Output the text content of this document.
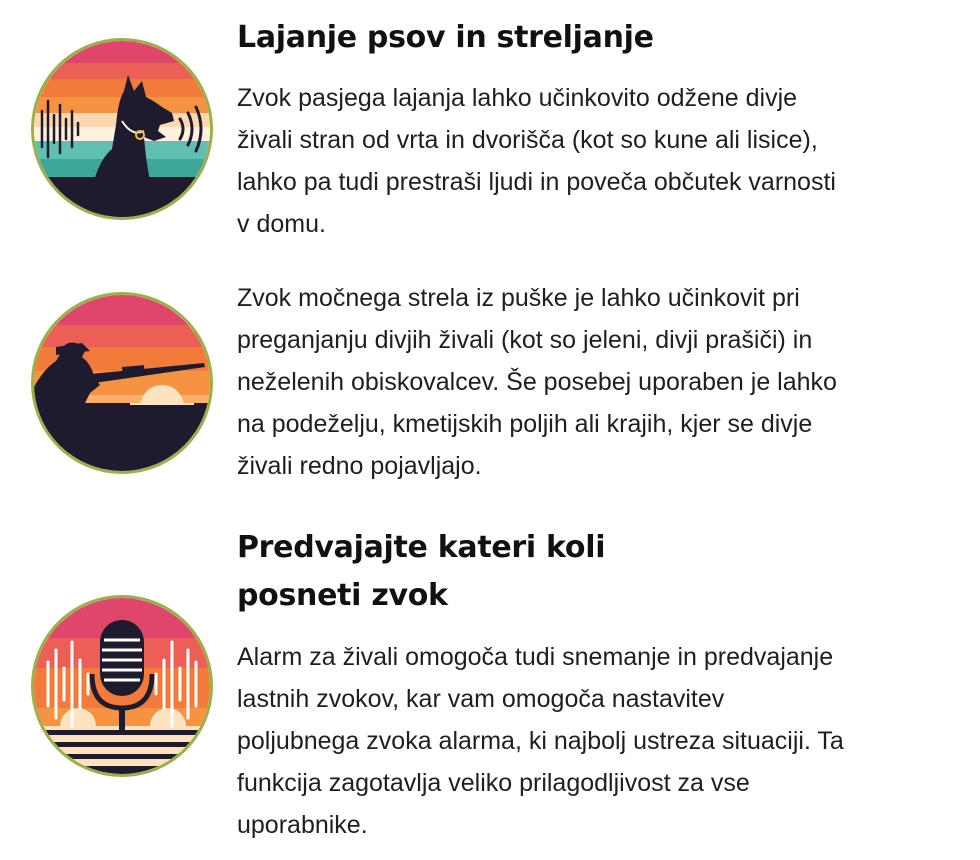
Lajanje psov in streljanje

Zvok pasjega lajanja lahko učinkovito odžene divje živali stran od vrta in dvorišča (kot so kune ali lisice), lahko pa tudi prestraši ljudi in poveča občutek varnosti v domu.

Zvok močnega strela iz puške je lahko učinkovit pri preganjanju divjih živali (kot so jeleni, divji prašiči) in neželenih obiskovalcev. Še posebej uporaben je lahko na podeželju, kmetijskih poljih ali krajih, kjer se divje živali redno pojavljajo.

Predvajajte kateri koli posneti zvok

Alarm za živali omogoča tudi snemanje in predvajanje lastnih zvokov, kar vam omogoča nastavitev poljubnega zvoka alarma, ki najbolj ustreza situaciji. Ta funkcija zagotavlja veliko prilagodljivost za vse uporabnike.
